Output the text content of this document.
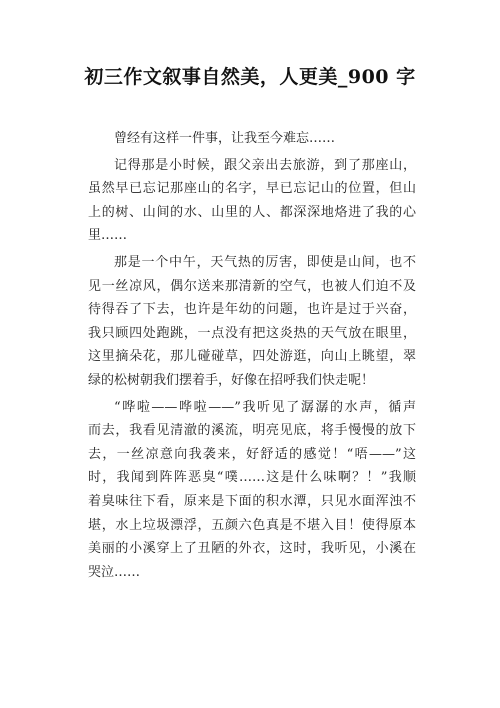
初三作文叙事自然美，人更美_900 字
曾经有这样一件事，让我至今难忘……
记得那是小时候，跟父亲出去旅游，到了那座山，
虽然早已忘记那座山的名字，早已忘记山的位置，但山
上的树、山间的水、山里的人、都深深地烙进了我的心
里……
那是一个中午，天气热的厉害，即使是山间，也不
见一丝凉风，偶尔送来那清新的空气，也被人们迫不及
待得吞了下去，也许是年幼的问题，也许是过于兴奋，
我只顾四处跑跳，一点没有把这炎热的天气放在眼里，
这里摘朵花，那儿碰碰草，四处游逛，向山上眺望，翠
绿的松树朝我们摆着手，好像在招呼我们快走呢！
“哗啦——哗啦——”我听见了潺潺的水声，循声
而去，我看见清澈的溪流，明亮见底，将手慢慢的放下
去，一丝凉意向我袭来，好舒适的感觉！“唔——”这
时，我闻到阵阵恶臭“噗……这是什么味啊？！”我顺
着臭味往下看，原来是下面的积水潭，只见水面浑浊不
堪，水上垃圾漂浮，五颜六色真是不堪入目！使得原本
美丽的小溪穿上了丑陋的外衣，这时，我听见，小溪在
哭泣……
